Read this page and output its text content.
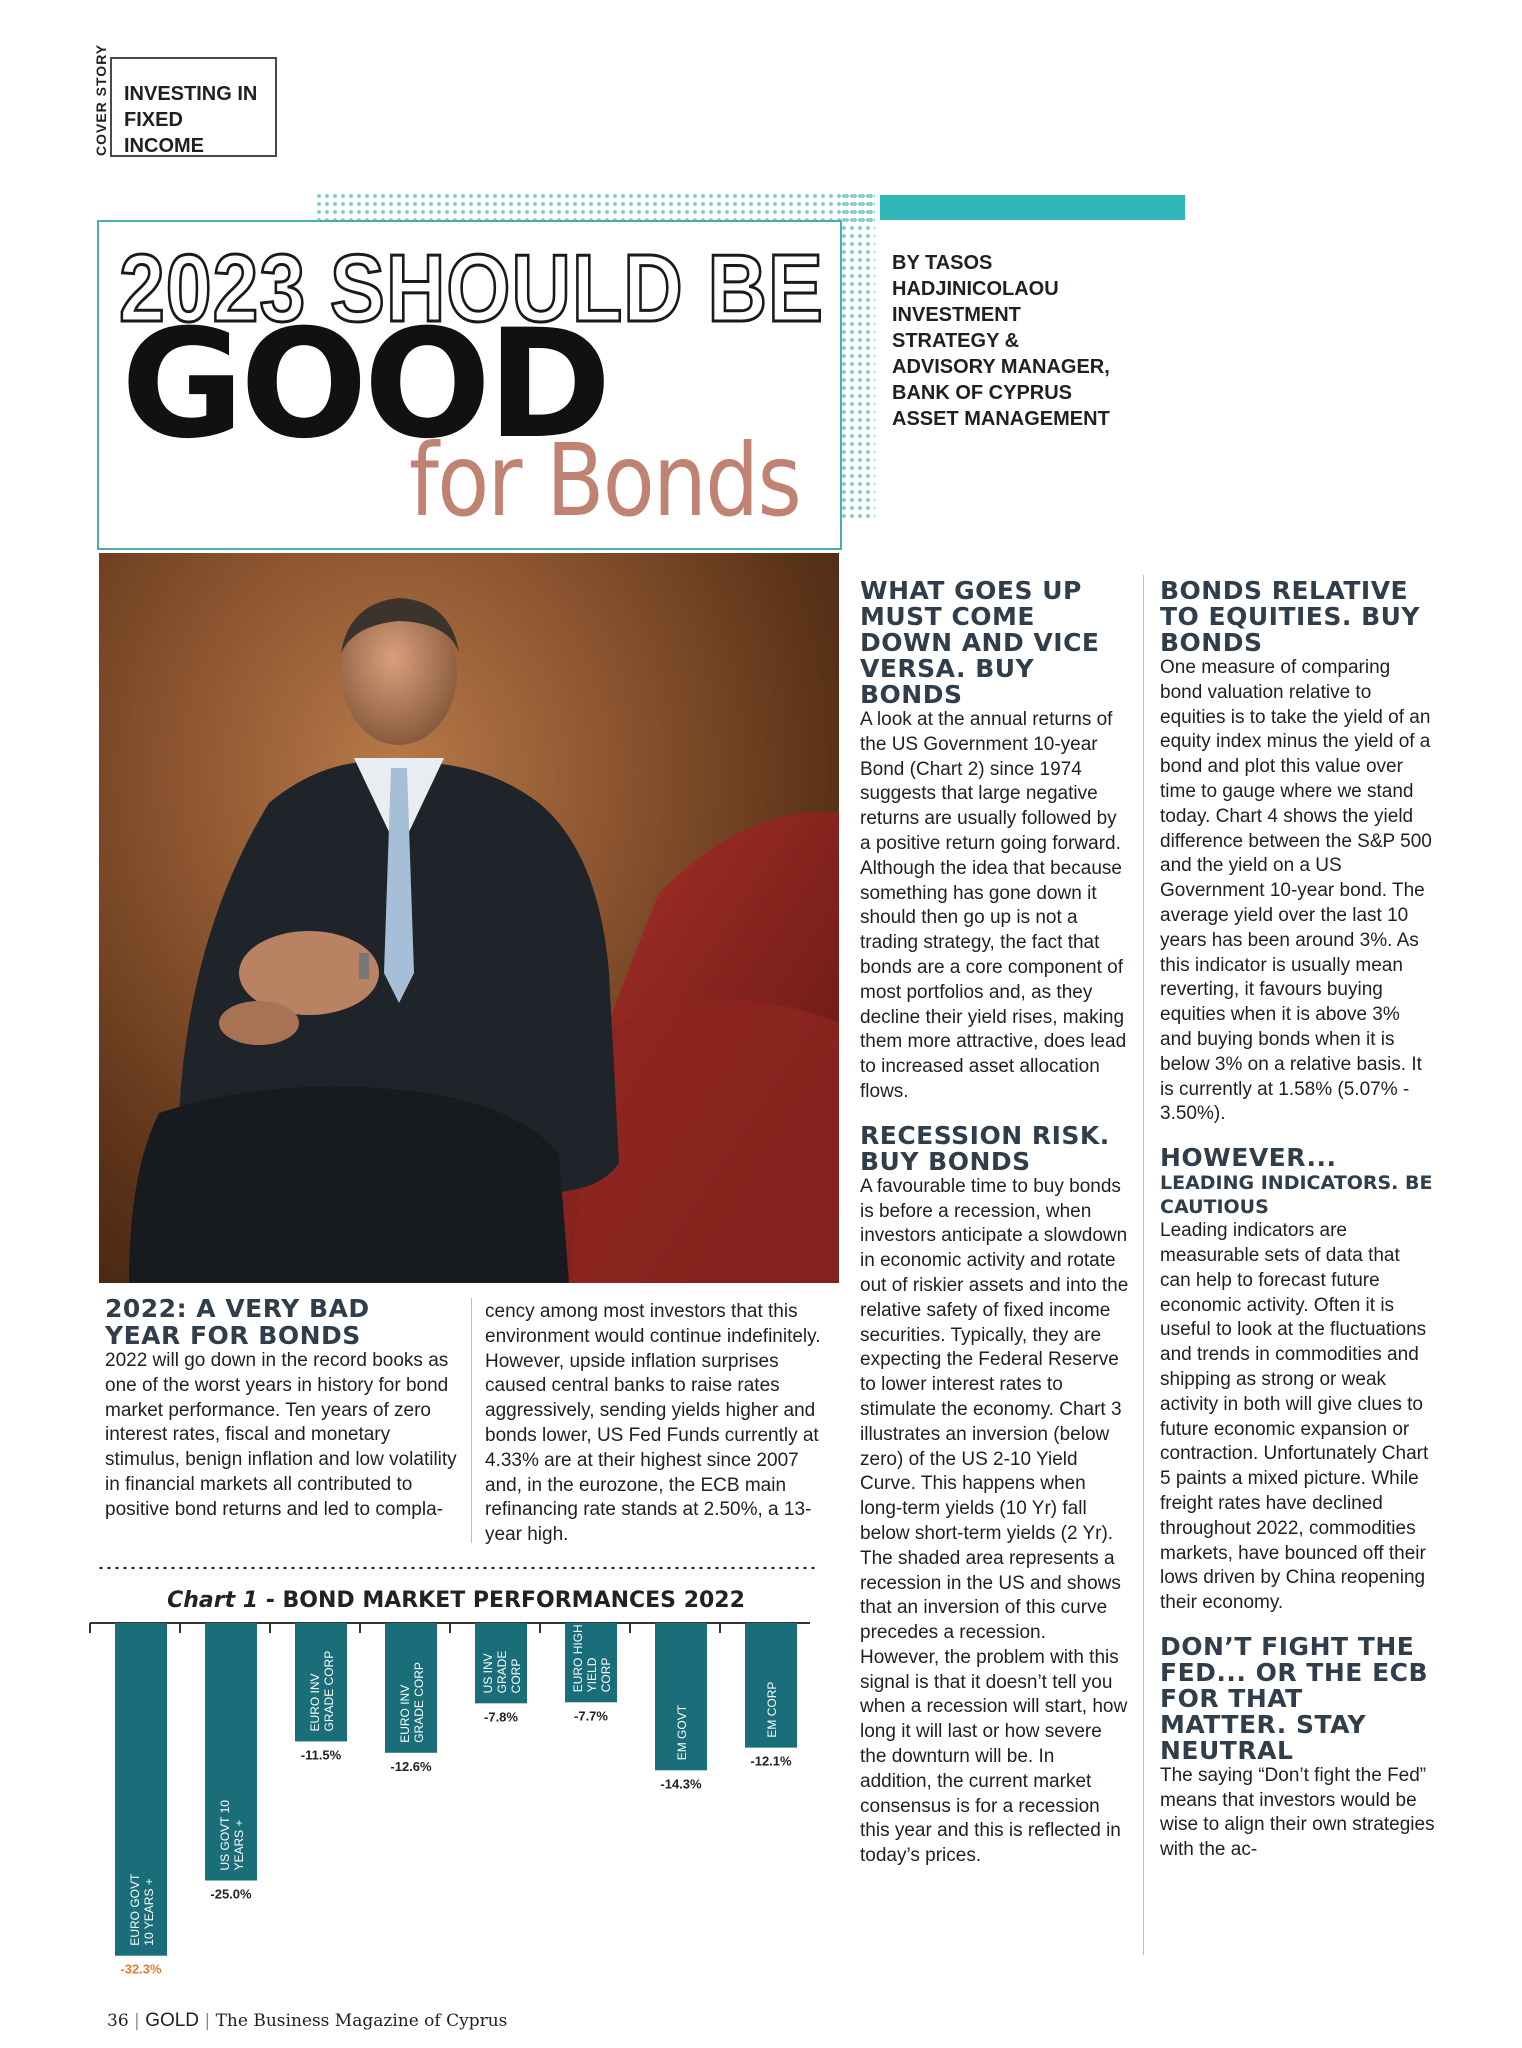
COVER STORY INVESTING IN
FIXED INCOME
2023 SHOULD BE
GOOD
for Bonds
BY TASOS
HADJINICOLAOU
INVESTMENT
STRATEGY &
ADVISORY MANAGER,
BANK OF CYPRUS
ASSET MANAGEMENT
2022: A VERY BAD
YEAR FOR BONDS

2022 will go down in the record books as one of the worst years in history for bond market performance. Ten years of zero interest rates, fiscal and monetary stimulus, benign inflation and low volatility in financial markets all contributed to positive bond returns and led to compla-

cency among most investors that this environment would continue indefinitely. However, upside inflation surprises caused central banks to raise rates aggressively, sending yields higher and bonds lower, US Fed Funds currently at 4.33% are at their highest since 2007 and, in the eurozone, the ECB main refinancing rate stands at 2.50%, a 13-year high.

WHAT GOES UP MUST COME DOWN AND VICE VERSA. BUY BONDS

A look at the annual returns of the US Government 10-year Bond (Chart 2) since 1974 suggests that large negative returns are usually followed by a positive return going forward. Although the idea that because something has gone down it should then go up is not a trading strategy, the fact that bonds are a core component of most portfolios and, as they decline their yield rises, making them more attractive, does lead to increased asset allocation flows.

RECESSION RISK. BUY BONDS

A favourable time to buy bonds is before a recession, when investors anticipate a slowdown in economic activity and rotate out of riskier assets and into the relative safety of fixed income securities. Typically, they are expecting the Federal Reserve to lower interest rates to stimulate the economy. Chart 3 illustrates an inversion (below zero) of the US 2-10 Yield Curve. This happens when long-term yields (10 Yr) fall below short-term yields (2 Yr). The shaded area represents a recession in the US and shows that an inversion of this curve precedes a recession. However, the problem with this signal is that it doesn’t tell you when a recession will start, how long it will last or how severe the downturn will be. In addition, the current market consensus is for a recession this year and this is reflected in today’s prices.

BONDS RELATIVE TO EQUITIES. BUY BONDS

One measure of comparing bond valuation relative to equities is to take the yield of an equity index minus the yield of a bond and plot this value over time to gauge where we stand today. Chart 4 shows the yield difference between the S&P 500 and the yield on a US Government 10-year bond. The average yield over the last 10 years has been around 3%. As this indicator is usually mean reverting, it favours buying equities when it is above 3% and buying bonds when it is below 3% on a relative basis. It is currently at 1.58% (5.07% - 3.50%).

HOWEVER...
LEADING INDICATORS. BE CAUTIOUS

Leading indicators are measurable sets of data that can help to forecast future economic activity. Often it is useful to look at the fluctuations and trends in commodities and shipping as strong or weak activity in both will give clues to future economic expansion or contraction. Unfortunately Chart 5 paints a mixed picture. While freight rates have declined throughout 2022, commodities markets, have bounced off their lows driven by China reopening their economy.

DON’T FIGHT THE FED... OR THE ECB FOR THAT MATTER. STAY NEUTRAL

The saying “Don’t fight the Fed” means that investors would be wise to align their own strategies with the ac-

Chart 1 - BOND MARKET PERFORMANCES 2022
EURO GOVT 10 YEARS +
-32.3%
US GOVT 10 YEARS +
-25.0%
EURO INV GRADE CORP
-11.5%
EURO INV GRADE CORP
-12.6%
US INV GRADE CORP
-7.8%
EURO HIGH YIELD CORP
-7.7%	EM GOVT
-14.3%
EM CORP
-12.1%
36 | GOLD | The Business Magazine of Cyprus
